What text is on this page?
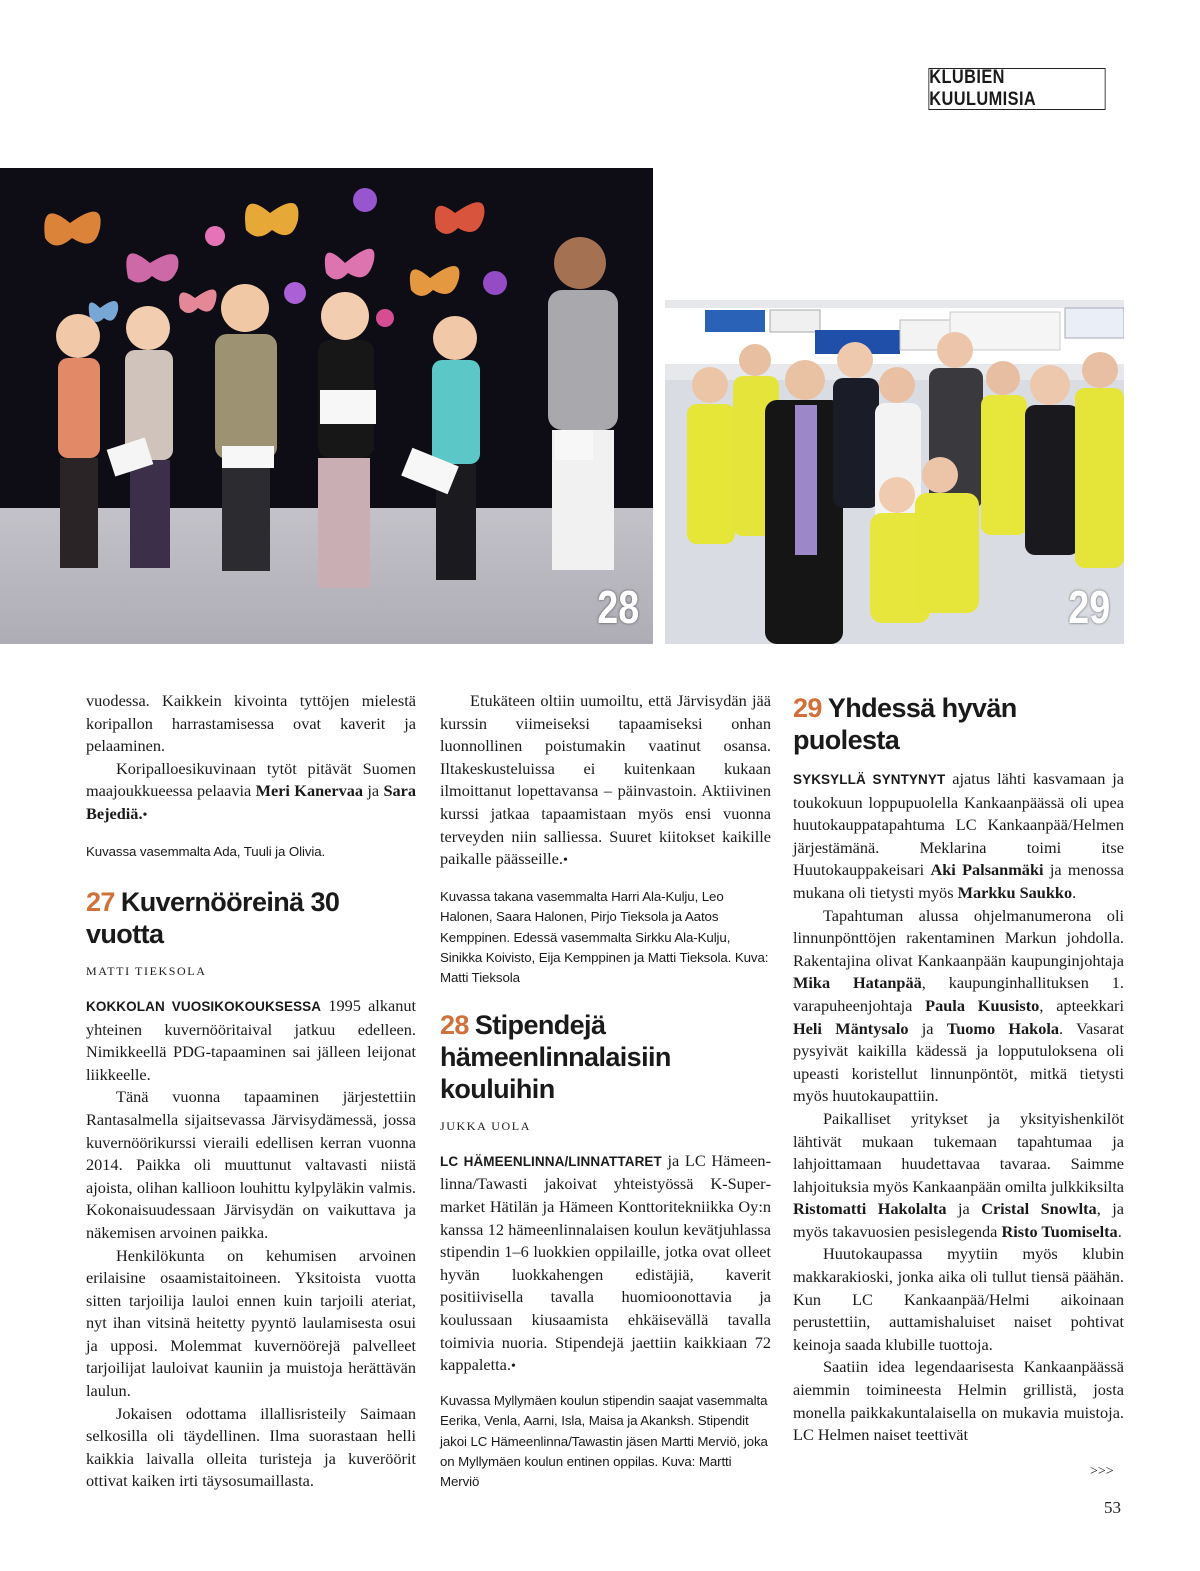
KLUBIEN KUULUMISIA
28	29

vuodessa. Kaikkein kivointa tyttöjen mielestä koripallon harrastamisessa ovat kaverit ja pelaaminen.

Koripalloesikuvinaan tytöt pitävät Suomen maajoukkueessa pelaavia Meri Kanervaa ja Sara Bejediä.•

Kuvassa vasemmalta Ada, Tuuli ja Olivia.

27 Kuvernööreinä 30 vuotta

MATTI TIEKSOLA

KOKKOLAN VUOSIKOKOUKSESSA 1995 alkanut yhteinen kuvernööritaival jatkuu edelleen. Nimikkeellä PDG-tapaaminen sai jälleen leijonat liikkeelle.

Tänä vuonna tapaaminen järjestettiin Rantasalmella sijaitsevassa Järvisydämessä, jossa kuvernöörikurssi vieraili edellisen kerran vuonna 2014. Paikka oli muuttunut valtavasti niistä ajoista, olihan kallioon louhittu kylpyläkin valmis. Kokonaisuudessaan Järvisydän on vaikuttava ja näkemisen arvoinen paikka.

Henkilökunta on kehumisen arvoinen erilaisine osaamistaitoineen. Yksitoista vuotta sitten tarjoilija lauloi ennen kuin tarjoili ateriat, nyt ihan vitsinä heitetty pyyntö laulamisesta osui ja upposi. Molemmat kuvernöörejä palvelleet tarjoilijat lauloivat kauniin ja muistoja herättävän laulun.

Jokaisen odottama illallisristeily Saimaan selkosilla oli täydellinen. Ilma suorastaan helli kaikkia laivalla olleita turisteja ja kuveröörit ottivat kaiken irti täysosumaillasta.

Etukäteen oltiin uumoiltu, että Järvisydän jää kurssin viimeiseksi tapaamiseksi onhan luonnollinen poistumakin vaatinut osansa. Iltakeskusteluissa ei kuitenkaan kukaan ilmoittanut lopettavansa – päinvastoin. Aktiivinen kurssi jatkaa tapaamistaan myös ensi vuonna terveyden niin salliessa. Suuret kiitokset kaikille paikalle päässeille.•

Kuvassa takana vasemmalta Harri Ala-Kulju, Leo Halonen, Saara Halonen, Pirjo Tieksola ja Aatos Kemppinen. Edessä vasemmalta Sirkku Ala-Kulju, Sinikka Koivisto, Eija Kemppinen ja Matti Tieksola. Kuva: Matti Tieksola

28 Stipendejä hämeenlinnalaisiin kouluihin

JUKKA UOLA

LC HÄMEENLINNA/LINNATTARET ja LC Hämeenlinna/Tawasti jakoivat yhteistyössä K-Supermarket Hätilän ja Hämeen Konttoritekniikka Oy:n kanssa 12 hämeenlinnalaisen koulun kevätjuhlassa stipendin 1–6 luokkien oppilaille, jotka ovat olleet hyvän luokkahengen edistäjiä, kaverit positiivisella tavalla huomioonottavia ja koulussaan kiusaamista ehkäisevällä tavalla toimivia nuoria. Stipendejä jaettiin kaikkiaan 72 kappaletta.•

Kuvassa Myllymäen koulun stipendin saajat vasemmalta Eerika, Venla, Aarni, Isla, Maisa ja Akanksh. Stipendit jakoi LC Hämeenlinna/Tawastin jäsen Martti Merviö, joka on Myllymäen koulun entinen oppilas. Kuva: Martti Merviö

29 Yhdessä hyvän puolesta

SYKSYLLÄ SYNTYNYT ajatus lähti kasvamaan ja toukokuun loppupuolella Kankaanpäässä oli upea huutokauppatapahtuma LC Kankaanpää/Helmen järjestämänä. Meklarina toimi itse Huutokauppakeisari Aki Palsanmäki ja menossa mukana oli tietysti myös Markku Saukko.

Tapahtuman alussa ohjelmanumerona oli linnunpönttöjen rakentaminen Markun johdolla. Rakentajina olivat Kankaanpään kaupunginjohtaja Mika Hatanpää, kaupunginhallituksen 1. varapuheenjohtaja Paula Kuusisto, apteekkari Heli Mäntysalo ja Tuomo Hakola. Vasarat pysyivät kaikilla kädessä ja lopputuloksena oli upeasti koristellut linnunpöntöt, mitkä tietysti myös huutokaupattiin.

Paikalliset yritykset ja yksityishenkilöt lähtivät mukaan tukemaan tapahtumaa ja lahjoittamaan huudettavaa tavaraa. Saimme lahjoituksia myös Kankaanpään omilta julkkiksilta Ristomatti Hakolalta ja Cristal Snowlta, ja myös takavuosien pesislegenda Risto Tuomiselta.

Huutokaupassa myytiin myös klubin makkarakioski, jonka aika oli tullut tiensä päähän. Kun LC Kankaanpää/Helmi aikoinaan perustettiin, auttamishaluiset naiset pohtivat keinoja saada klubille tuottoja.

Saatiin idea legendaarisesta Kankaanpäässä aiemmin toimineesta Helmin grillistä, josta monella paikkakuntalaisella on mukavia muistoja. LC Helmen naiset teettivät

>>>
53
